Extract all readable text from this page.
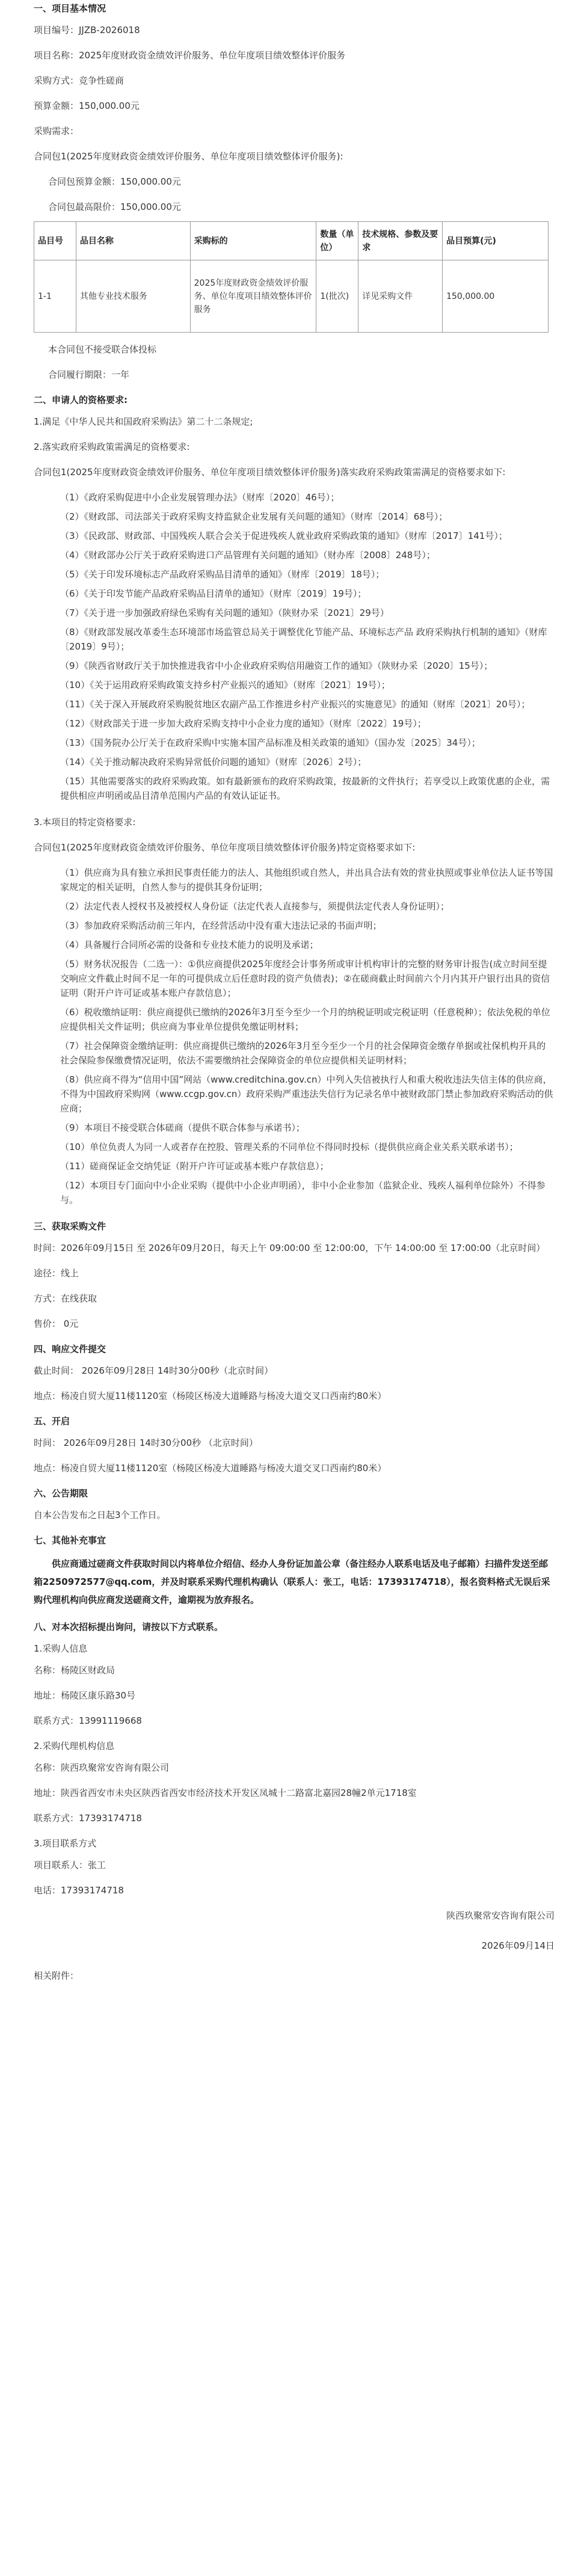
一、项目基本情况
项目编号：JJZB-2026018
项目名称：2025年度财政资金绩效评价服务、单位年度项目绩效整体评价服务
采购方式：竞争性磋商
预算金额：150,000.00元
采购需求：
合同包1(2025年度财政资金绩效评价服务、单位年度项目绩效整体评价服务):
合同包预算金额：150,000.00元
合同包最高限价：150,000.00元
品目号	品目名称	采购标的	数量（单位）	技术规格、参数及要求	品目预算(元)
1-1	其他专业技术服务	2025年度财政资金绩效评价服务、单位年度项目绩效整体评价服务	1(批次)	详见采购文件	150,000.00
本合同包不接受联合体投标
合同履行期限：一年
二、申请人的资格要求:
1.满足《中华人民共和国政府采购法》第二十二条规定;
2.落实政府采购政策需满足的资格要求:
合同包1(2025年度财政资金绩效评价服务、单位年度项目绩效整体评价服务)落实政府采购政策需满足的资格要求如下:
（1）《政府采购促进中小企业发展管理办法》（财库〔2020〕46号）；
（2）《财政部、司法部关于政府采购支持监狱企业发展有关问题的通知》（财库〔2014〕68号）；
（3）《民政部、财政部、中国残疾人联合会关于促进残疾人就业政府采购政策的通知》（财库〔2017〕141号）；
（4）《财政部办公厅关于政府采购进口产品管理有关问题的通知》（财办库〔2008〕248号）；
（5）《关于印发环境标志产品政府采购品目清单的通知》（财库〔2019〕18号）；
（6）《关于印发节能产品政府采购品目清单的通知》（财库〔2019〕19号）；
（7）《关于进一步加强政府绿色采购有关问题的通知》（陕财办采〔2021〕29号）
（8）《财政部发展改革委生态环境部市场监管总局关于调整优化节能产品、环境标志产品 政府采购执行机制的通知》（财库〔2019〕9号）；
（9）《陕西省财政厅关于加快推进我省中小企业政府采购信用融资工作的通知》（陕财办采〔2020〕15号）；
（10）《关于运用政府采购政策支持乡村产业振兴的通知》（财库〔2021〕19号）；
（11）《关于深入开展政府采购脱贫地区农副产品工作推进乡村产业振兴的实施意见》的通知（财库〔2021〕20号）；
（12）《财政部关于进一步加大政府采购支持中小企业力度的通知》（财库〔2022〕19号）；
（13）《国务院办公厅关于在政府采购中实施本国产品标准及相关政策的通知》（国办发〔2025〕34号）；
（14）《关于推动解决政府采购异常低价问题的通知》（财库〔2026〕2号）；
（15）其他需要落实的政府采购政策。如有最新颁布的政府采购政策，按最新的文件执行；若享受以上政策优惠的企业，需提供相应声明函或品目清单范围内产品的有效认证证书。
3.本项目的特定资格要求:
合同包1(2025年度财政资金绩效评价服务、单位年度项目绩效整体评价服务)特定资格要求如下:
（1）供应商为具有独立承担民事责任能力的法人、其他组织或自然人，并出具合法有效的营业执照或事业单位法人证书等国家规定的相关证明，自然人参与的提供其身份证明；
（2）法定代表人授权书及被授权人身份证（法定代表人直接参与，须提供法定代表人身份证明）；
（3）参加政府采购活动前三年内，在经营活动中没有重大违法记录的书面声明；
（4）具备履行合同所必需的设备和专业技术能力的说明及承诺；
（5）财务状况报告（二选一）：①供应商提供2025年度经会计事务所或审计机构审计的完整的财务审计报告(成立时间至提交响应文件截止时间不足一年的可提供成立后任意时段的资产负债表)；②在磋商截止时间前六个月内其开户银行出具的资信证明（附开户许可证或基本账户存款信息）；
（6）税收缴纳证明：供应商提供已缴纳的2026年3月至今至少一个月的纳税证明或完税证明（任意税种）；依法免税的单位应提供相关文件证明；供应商为事业单位提供免缴证明材料；
（7）社会保障资金缴纳证明：供应商提供已缴纳的2026年3月至今至少一个月的社会保障资金缴存单据或社保机构开具的社会保险参保缴费情况证明，依法不需要缴纳社会保障资金的单位应提供相关证明材料；
（8）供应商不得为“信用中国”网站（www.creditchina.gov.cn）中列入失信被执行人和重大税收违法失信主体的供应商，不得为中国政府采购网（www.ccgp.gov.cn）政府采购严重违法失信行为记录名单中被财政部门禁止参加政府采购活动的供应商；
（9）本项目不接受联合体磋商（提供不联合体参与承诺书）；
（10）单位负责人为同一人或者存在控股、管理关系的不同单位不得同时投标（提供供应商企业关系关联承诺书）；
（11）磋商保证金交纳凭证（附开户许可证或基本账户存款信息）；
（12）本项目专门面向中小企业采购（提供中小企业声明函），非中小企业参加（监狱企业、残疾人福利单位除外）不得参与。
三、获取采购文件
时间：2026年09月15日 至 2026年09月20日，每天上午 09:00:00 至 12:00:00，下午 14:00:00 至 17:00:00（北京时间）
途径：线上
方式：在线获取
售价： 0元
四、响应文件提交
截止时间： 2026年09月28日 14时30分00秒（北京时间）
地点：杨凌自贸大厦11楼1120室（杨陵区杨凌大道睡路与杨凌大道交叉口西南约80米）
五、开启
时间： 2026年09月28日 14时30分00秒 （北京时间）
地点：杨凌自贸大厦11楼1120室（杨陵区杨凌大道睡路与杨凌大道交叉口西南约80米）
六、公告期限
自本公告发布之日起3个工作日。
七、其他补充事宜
供应商通过磋商文件获取时间以内将单位介绍信、经办人身份证加盖公章（备注经办人联系电话及电子邮箱）扫描件发送至邮箱2250972577@qq.com，并及时联系采购代理机构确认（联系人：张工，电话：17393174718），报名资料格式无误后采购代理机构向供应商发送磋商文件，逾期视为放弃报名。
八、对本次招标提出询问，请按以下方式联系。
1.采购人信息
名称：杨陵区财政局
地址：杨陵区康乐路30号
联系方式：13991119668
2.采购代理机构信息
名称：陕西玖聚常安咨询有限公司
地址：陕西省西安市未央区陕西省西安市经济技术开发区凤城十二路富北嘉园28幢2单元1718室
联系方式：17393174718
3.项目联系方式
项目联系人：张工
电话：17393174718
陕西玖聚常安咨询有限公司
2026年09月14日
相关附件：
